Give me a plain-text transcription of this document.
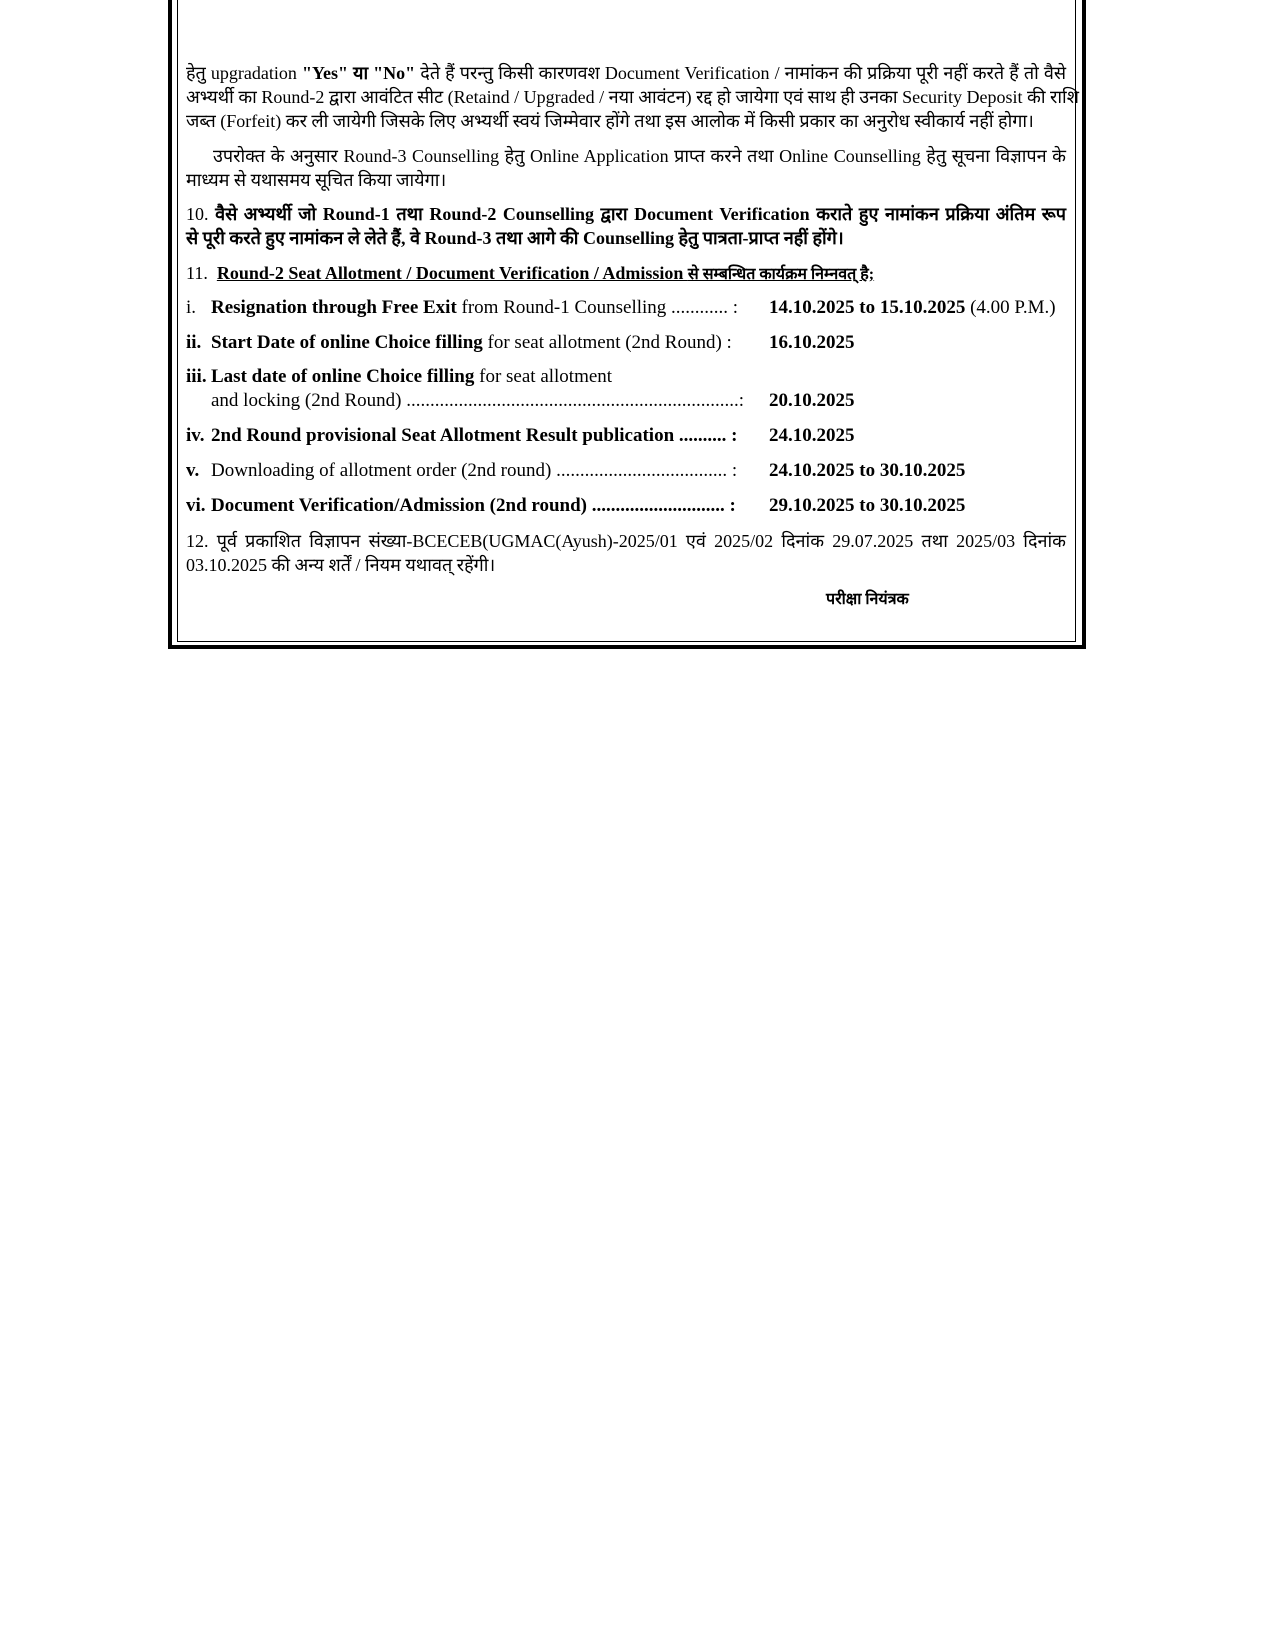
हेतु upgradation "Yes" या "No" देते हैं परन्तु किसी कारणवश Document Verification / नामांकन की प्रक्रिया पूरी नहीं करते हैं तो वैसे
अभ्यर्थी का Round-2 द्वारा आवंटित सीट (Retaind / Upgraded / नया आवंटन) रद्द हो जायेगा एवं साथ ही उनका Security Deposit की राशि
जब्त (Forfeit) कर ली जायेगी जिसके लिए अभ्यर्थी स्वयं जिम्मेवार होंगे तथा इस आलोक में किसी प्रकार का अनुरोध स्वीकार्य नहीं होगा।
उपरोक्त के अनुसार Round-3 Counselling हेतु Online Application प्राप्त करने तथा Online Counselling हेतु सूचना विज्ञापन के
माध्यम से यथासमय सूचित किया जायेगा।
10. वैसे अभ्यर्थी जो Round-1 तथा Round-2 Counselling द्वारा Document Verification कराते हुए नामांकन प्रक्रिया अंतिम रूप
से पूरी करते हुए नामांकन ले लेते हैं, वे Round-3 तथा आगे की Counselling हेतु पात्रता-प्राप्त नहीं होंगे।
11. Round-2 Seat Allotment / Document Verification / Admission से सम्बन्धित कार्यक्रम निम्नवत् है;
i. Resignation through Free Exit from Round-1 Counselling ............ : 14.10.2025 to 15.10.2025 (4.00 P.M.)
ii. Start Date of online Choice filling for seat allotment (2nd Round) : 16.10.2025
iii. Last date of online Choice filling for seat allotment
and locking (2nd Round) ......................................................................: 20.10.2025
iv. 2nd Round provisional Seat Allotment Result publication .......... : 24.10.2025
v. Downloading of allotment order (2nd round) .................................... : 24.10.2025 to 30.10.2025
vi. Document Verification/Admission (2nd round) ............................ : 29.10.2025 to 30.10.2025
12. पूर्व प्रकाशित विज्ञापन संख्या-BCECEB(UGMAC(Ayush)-2025/01 एवं 2025/02 दिनांक 29.07.2025 तथा 2025/03 दिनांक
03.10.2025 की अन्य शर्तें / नियम यथावत् रहेंगी।
परीक्षा नियंत्रक
